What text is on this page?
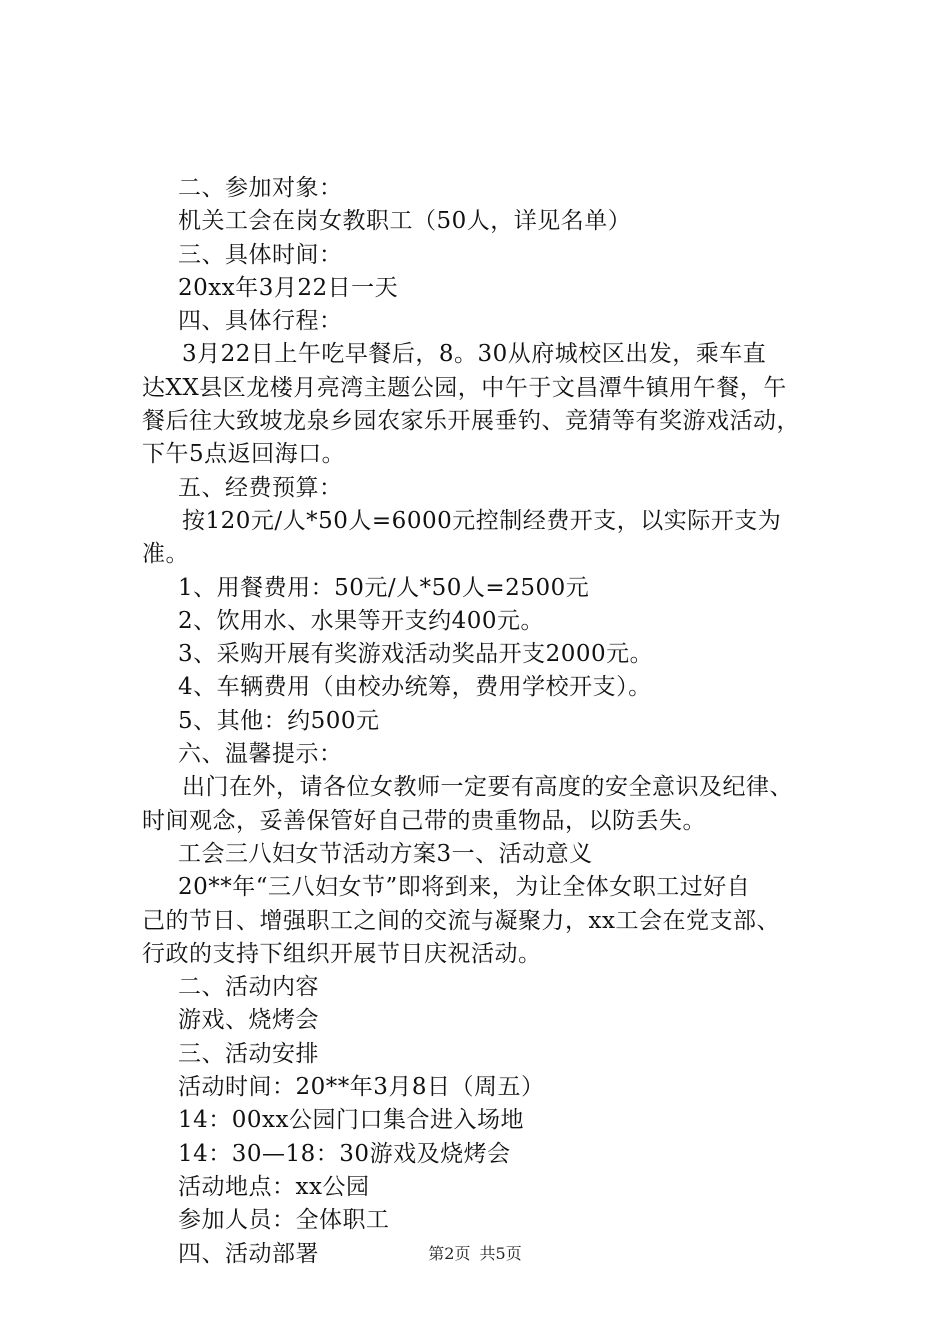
二、参加对象：
机关工会在岗女教职工（50人，详见名单）
三、具体时间：
20xx年3月22日一天
四、具体行程：
3月22日上午吃早餐后，8。30从府城校区出发，乘车直
达XX县区龙楼月亮湾主题公园，中午于文昌潭牛镇用午餐，午
餐后往大致坡龙泉乡园农家乐开展垂钓、竞猜等有奖游戏活动，
下午5点返回海口。
五、经费预算：
按120元/人*50人=6000元控制经费开支，以实际开支为
准。
1、用餐费用：50元/人*50人=2500元
2、饮用水、水果等开支约400元。
3、采购开展有奖游戏活动奖品开支2000元。
4、车辆费用（由校办统筹，费用学校开支）。
5、其他：约500元
六、温馨提示：
出门在外，请各位女教师一定要有高度的安全意识及纪律、
时间观念，妥善保管好自己带的贵重物品，以防丢失。
工会三八妇女节活动方案3一、活动意义
20**年“三八妇女节”即将到来，为让全体女职工过好自
己的节日、增强职工之间的交流与凝聚力，xx工会在党支部、
行政的支持下组织开展节日庆祝活动。
二、活动内容
游戏、烧烤会
三、活动安排
活动时间：20**年3月8日（周五）
14：00xx公园门口集合进入场地
14：30—18：30游戏及烧烤会
活动地点：xx公园
参加人员：全体职工
四、活动部署	第2页 共5页
